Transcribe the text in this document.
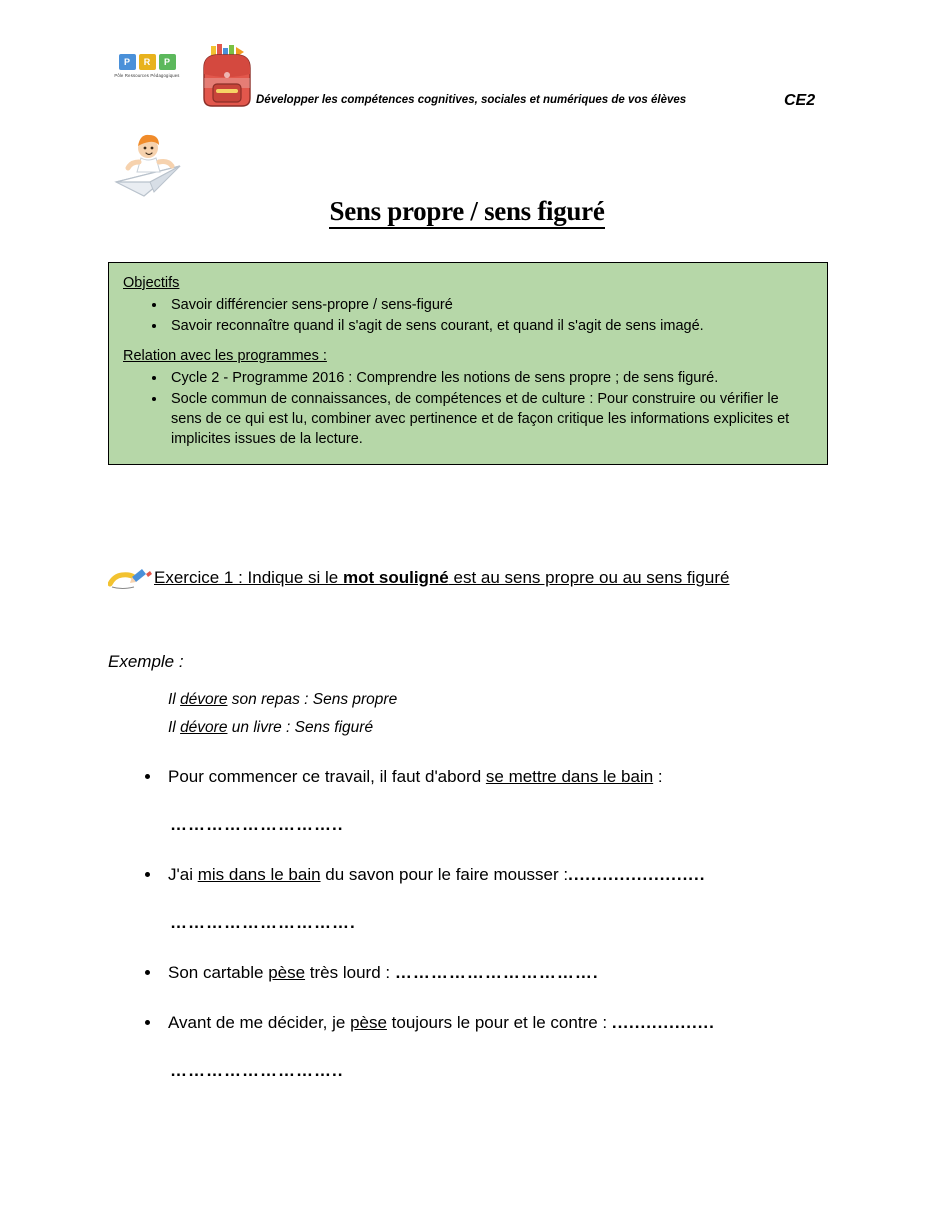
P	R	P
Pôle Ressources Pédagogiques
Développer les compétences cognitives, sociales et numériques de vos élèves	CE2
Sens propre / sens figuré
Objectifs
• Savoir différencier sens-propre / sens-figuré
• Savoir reconnaître quand il s'agit de sens courant, et quand il s'agit de sens imagé.
Relation avec les programmes :
• Cycle 2 - Programme 2016 : Comprendre les notions de sens propre ; de sens figuré.
• Socle commun de connaissances, de compétences et de culture : Pour construire ou vérifier le sens de ce qui est lu, combiner avec pertinence et de façon critique les informations explicites et implicites issues de la lecture.
Exercice 1 : Indique si le mot souligné est au sens propre ou au sens figuré
Exemple :
Il dévore son repas : Sens propre
Il dévore un livre : Sens figuré
• Pour commencer ce travail, il faut d'abord se mettre dans le bain :
………………………..
• J'ai mis dans le bain du savon pour le faire mousser :........................
………………………….
• Son cartable pèse très lourd : …………………………….
• Avant de me décider, je pèse toujours le pour et le contre : ..................
………………………..
